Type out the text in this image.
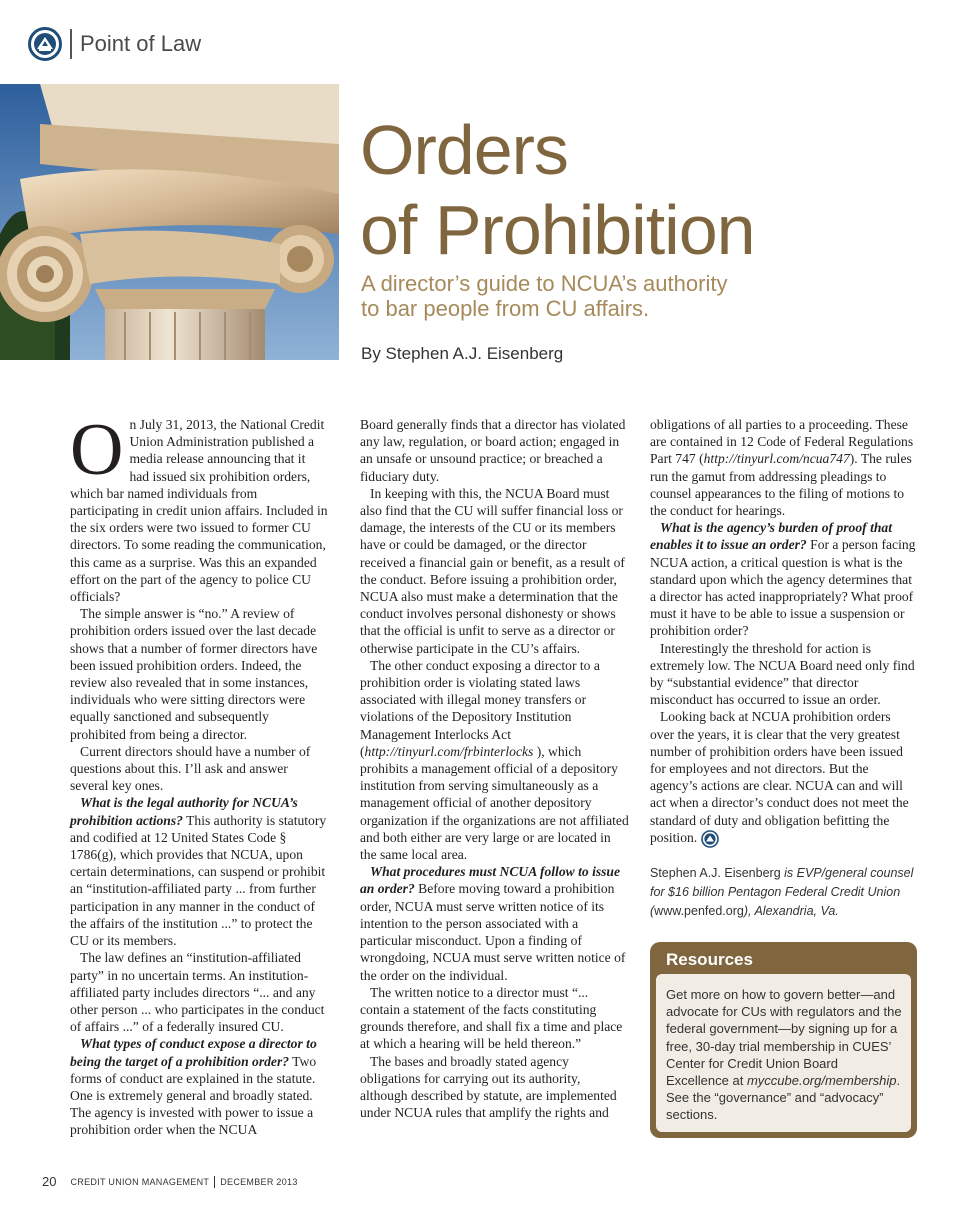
Point of Law
Orders
of Prohibition
A director’s guide to NCUA’s authority
to bar people from CU affairs.
By Stephen A.J. Eisenberg

On July 31, 2013, the National Credit Union Administration published a media release announcing that it had issued six prohibition orders, which bar named individuals from participating in credit union affairs. Included in the six orders were two issued to former CU directors. To some reading the communication, this came as a surprise. Was this an expanded effort on the part of the agency to police CU officials?

The simple answer is “no.” A review of prohibition orders issued over the last decade shows that a number of former directors have been issued prohibition orders. Indeed, the review also revealed that in some instances, individuals who were sitting directors were equally sanctioned and subsequently prohibited from being a director.

Current directors should have a number of questions about this. I’ll ask and answer several key ones.

What is the legal authority for NCUA’s prohibition actions? This authority is statutory and codified at 12 United States Code § 1786(g), which provides that NCUA, upon certain determinations, can suspend or prohibit an “institution-affiliated party ... from further participation in any manner in the conduct of the affairs of the institution ...” to protect the CU or its members.

The law defines an “institution-affiliated party” in no uncertain terms. An institution-affiliated party includes directors “... and any other person ... who participates in the conduct of affairs ...” of a federally insured CU.

What types of conduct expose a director to being the target of a prohibition order? Two forms of conduct are explained in the statute. One is extremely general and broadly stated. The agency is invested with power to issue a prohibition order when the NCUA

Board generally finds that a director has violated any law, regulation, or board action; engaged in an unsafe or unsound practice; or breached a fiduciary duty.

In keeping with this, the NCUA Board must also find that the CU will suffer financial loss or damage, the interests of the CU or its members have or could be damaged, or the director received a financial gain or benefit, as a result of the conduct. Before issuing a prohibition order, NCUA also must make a determination that the conduct involves personal dishonesty or shows that the official is unfit to serve as a director or otherwise participate in the CU’s affairs.

The other conduct exposing a director to a prohibition order is violating stated laws associated with illegal money transfers or violations of the Depository Institution Management Interlocks Act (http://tinyurl.com/frbinterlocks ), which prohibits a management official of a depository institution from serving simultaneously as a management official of another depository organization if the organizations are not affiliated and both either are very large or are located in the same local area.

What procedures must NCUA follow to issue an order? Before moving toward a prohibition order, NCUA must serve written notice of its intention to the person associated with a particular misconduct. Upon a finding of wrongdoing, NCUA must serve written notice of the order on the individual.

The written notice to a director must “... contain a statement of the facts constituting grounds therefore, and shall fix a time and place at which a hearing will be held thereon.”

The bases and broadly stated agency obligations for carrying out its authority, although described by statute, are implemented under NCUA rules that amplify the rights and

obligations of all parties to a proceeding. These are contained in 12 Code of Federal Regulations Part 747 (http://tinyurl.com/ncua747). The rules run the gamut from addressing pleadings to counsel appearances to the filing of motions to the conduct for hearings.

What is the agency’s burden of proof that enables it to issue an order? For a person facing NCUA action, a critical question is what is the standard upon which the agency determines that a director has acted inappropriately? What proof must it have to be able to issue a suspension or prohibition order?

Interestingly the threshold for action is extremely low. The NCUA Board need only find by “substantial evidence” that director misconduct has occurred to issue an order.

Looking back at NCUA prohibition orders over the years, it is clear that the very greatest number of prohibition orders have been issued for employees and not directors. But the agency’s actions are clear. NCUA can and will act when a director’s conduct does not meet the standard of duty and obligation befitting the position.

Stephen A.J. Eisenberg is EVP/general counsel for $16 billion Pentagon Federal Credit Union (www.penfed.org), Alexandria, Va.
Resources
Get more on how to govern better—and advocate for CUs with regulators and the federal government—by signing up for a free, 30-day trial membership in CUES’ Center for Credit Union Board Excellence at myccube.org/membership. See the “governance” and “advocacy” sections.
20 CREDIT UNION MANAGEMENT DECEMBER 2013
